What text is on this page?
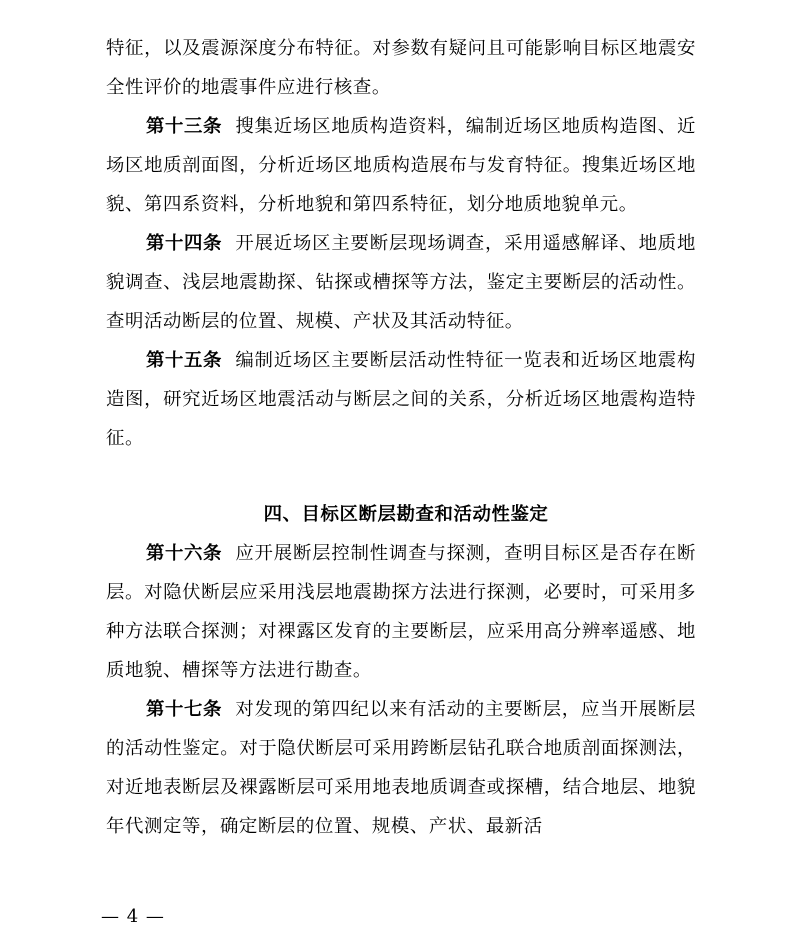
特征，以及震源深度分布特征。对参数有疑问且可能影响目标区地震安全性评价的地震事件应进行核查。

第十三条 搜集近场区地质构造资料，编制近场区地质构造图、近场区地质剖面图，分析近场区地质构造展布与发育特征。搜集近场区地貌、第四系资料，分析地貌和第四系特征，划分地质地貌单元。

第十四条 开展近场区主要断层现场调查，采用遥感解译、地质地貌调查、浅层地震勘探、钻探或槽探等方法，鉴定主要断层的活动性。查明活动断层的位置、规模、产状及其活动特征。

第十五条 编制近场区主要断层活动性特征一览表和近场区地震构造图，研究近场区地震活动与断层之间的关系，分析近场区地震构造特征。

四、目标区断层勘查和活动性鉴定

第十六条 应开展断层控制性调查与探测，查明目标区是否存在断层。对隐伏断层应采用浅层地震勘探方法进行探测，必要时，可采用多种方法联合探测；对裸露区发育的主要断层，应采用高分辨率遥感、地质地貌、槽探等方法进行勘查。

第十七条 对发现的第四纪以来有活动的主要断层，应当开展断层的活动性鉴定。对于隐伏断层可采用跨断层钻孔联合地质剖面探测法，对近地表断层及裸露断层可采用地表地质调查或探槽，结合地层、地貌年代测定等，确定断层的位置、规模、产状、最新活

— 4 —
